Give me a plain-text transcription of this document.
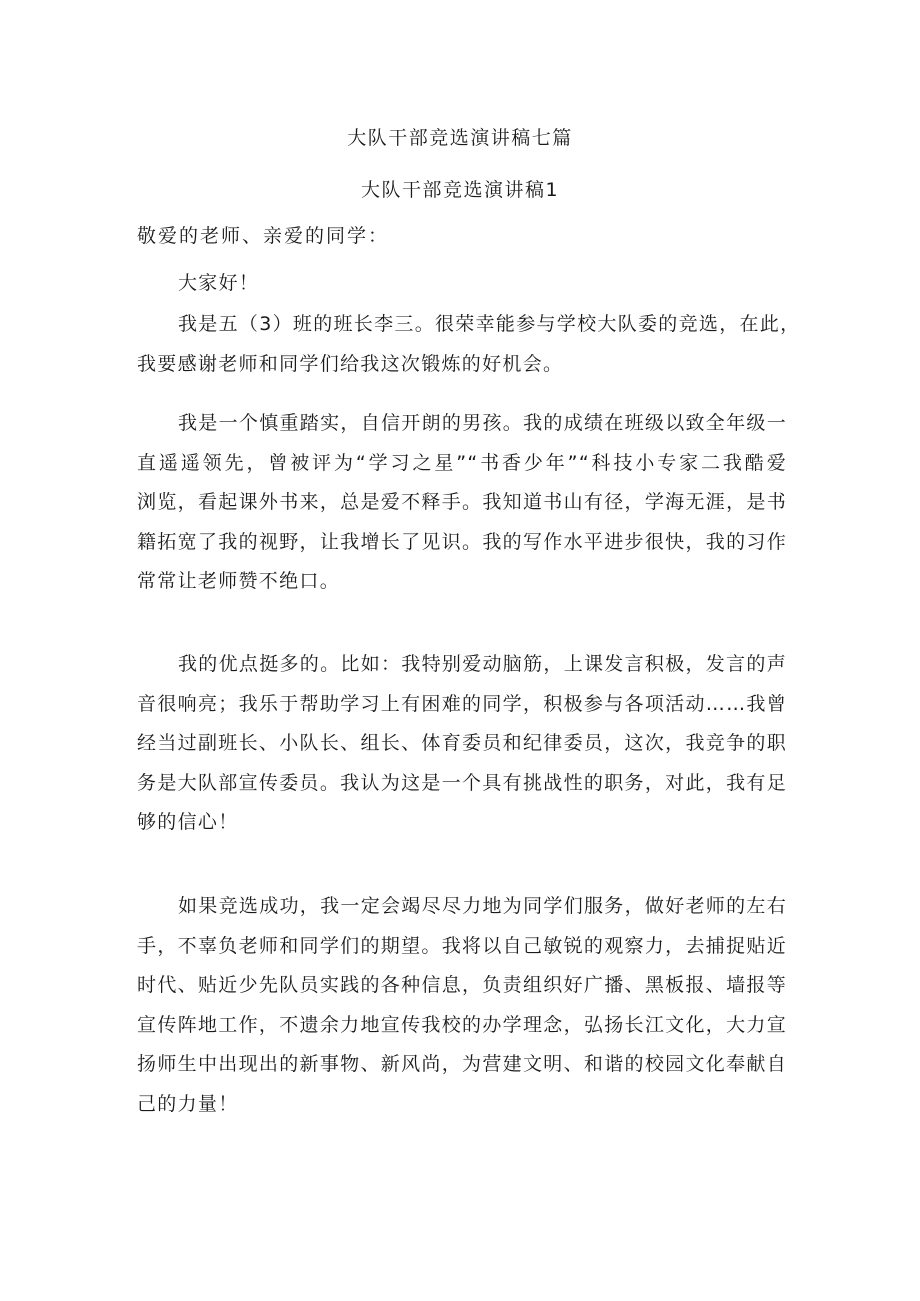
大队干部竞选演讲稿七篇
大队干部竞选演讲稿1
敬爱的老师、亲爱的同学：
大家好！
我是五（3）班的班长李三。很荣幸能参与学校大队委的竞选，在此，
我要感谢老师和同学们给我这次锻炼的好机会。
我是一个慎重踏实，自信开朗的男孩。我的成绩在班级以致全年级一
直遥遥领先，曾被评为“学习之星”“书香少年”“科技小专家二我酷爱
浏览，看起课外书来，总是爱不释手。我知道书山有径，学海无涯，是书
籍拓宽了我的视野，让我增长了见识。我的写作水平进步很快，我的习作
常常让老师赞不绝口。
我的优点挺多的。比如：我特别爱动脑筋，上课发言积极，发言的声
音很响亮；我乐于帮助学习上有困难的同学，积极参与各项活动……我曾
经当过副班长、小队长、组长、体育委员和纪律委员，这次，我竞争的职
务是大队部宣传委员。我认为这是一个具有挑战性的职务，对此，我有足
够的信心！
如果竞选成功，我一定会竭尽尽力地为同学们服务，做好老师的左右
手，不辜负老师和同学们的期望。我将以自己敏锐的观察力，去捕捉贴近
时代、贴近少先队员实践的各种信息，负责组织好广播、黑板报、墙报等
宣传阵地工作，不遗余力地宣传我校的办学理念，弘扬长江文化，大力宣
扬师生中出现出的新事物、新风尚，为营建文明、和谐的校园文化奉献自
己的力量！
